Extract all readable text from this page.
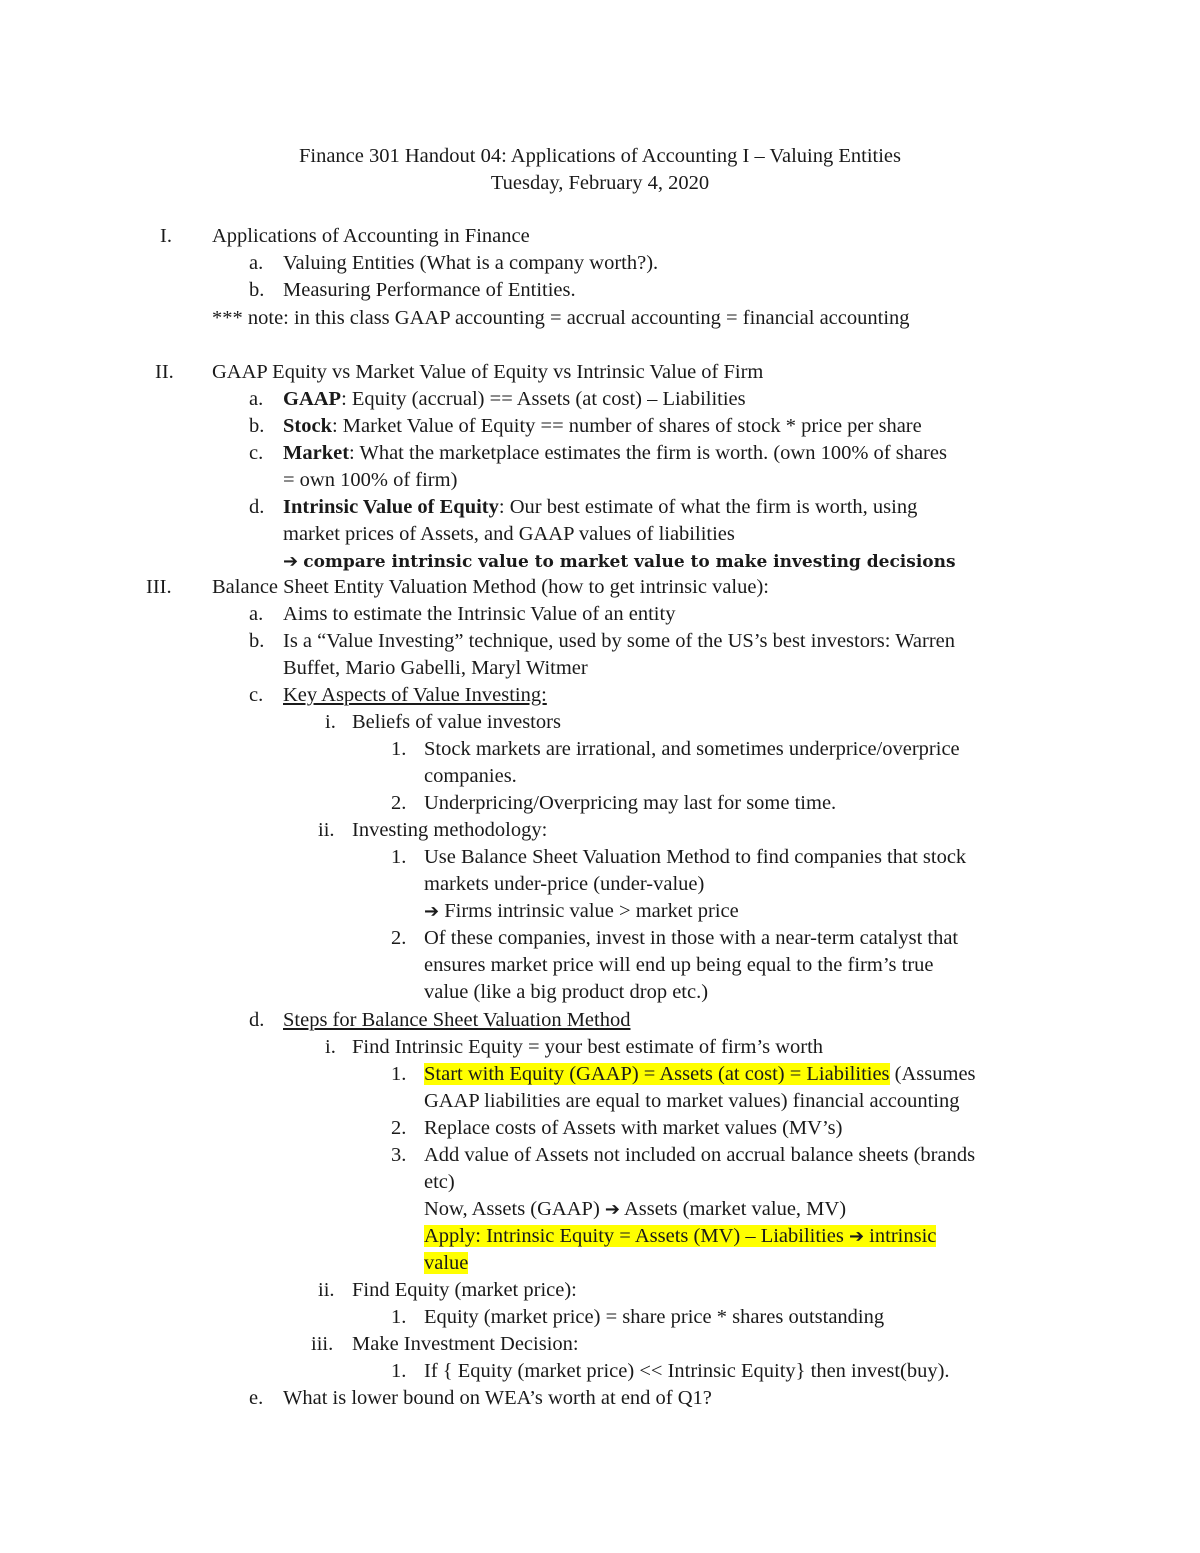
Finance 301 Handout 04: Applications of Accounting I – Valuing Entities
Tuesday, February 4, 2020
I. Applications of Accounting in Finance
a. Valuing Entities (What is a company worth?).
b. Measuring Performance of Entities.
*** note: in this class GAAP accounting = accrual accounting = financial accounting
II. GAAP Equity vs Market Value of Equity vs Intrinsic Value of Firm
a. GAAP: Equity (accrual) == Assets (at cost) – Liabilities
b. Stock: Market Value of Equity == number of shares of stock * price per share
c. Market: What the marketplace estimates the firm is worth. (own 100% of shares
= own 100% of firm)
d. Intrinsic Value of Equity: Our best estimate of what the firm is worth, using
market prices of Assets, and GAAP values of liabilities
➔ compare intrinsic value to market value to make investing decisions
III. Balance Sheet Entity Valuation Method (how to get intrinsic value):
a. Aims to estimate the Intrinsic Value of an entity
b. Is a “Value Investing” technique, used by some of the US’s best investors: Warren
Buffet, Mario Gabelli, Maryl Witmer
c. Key Aspects of Value Investing:
i. Beliefs of value investors
1. Stock markets are irrational, and sometimes underprice/overprice
companies.
2. Underpricing/Overpricing may last for some time.
ii. Investing methodology:
1. Use Balance Sheet Valuation Method to find companies that stock
markets under-price (under-value)
➔ Firms intrinsic value > market price
2. Of these companies, invest in those with a near-term catalyst that
ensures market price will end up being equal to the firm’s true
value (like a big product drop etc.)
d. Steps for Balance Sheet Valuation Method
i. Find Intrinsic Equity = your best estimate of firm’s worth
1. Start with Equity (GAAP) = Assets (at cost) = Liabilities (Assumes
GAAP liabilities are equal to market values) financial accounting
2. Replace costs of Assets with market values (MV’s)
3. Add value of Assets not included on accrual balance sheets (brands
etc)
Now, Assets (GAAP) ➔ Assets (market value, MV)
Apply: Intrinsic Equity = Assets (MV) – Liabilities ➔ intrinsic
value
ii. Find Equity (market price):
1. Equity (market price) = share price * shares outstanding
iii. Make Investment Decision:
1. If { Equity (market price) << Intrinsic Equity} then invest(buy).
e. What is lower bound on WEA’s worth at end of Q1?
